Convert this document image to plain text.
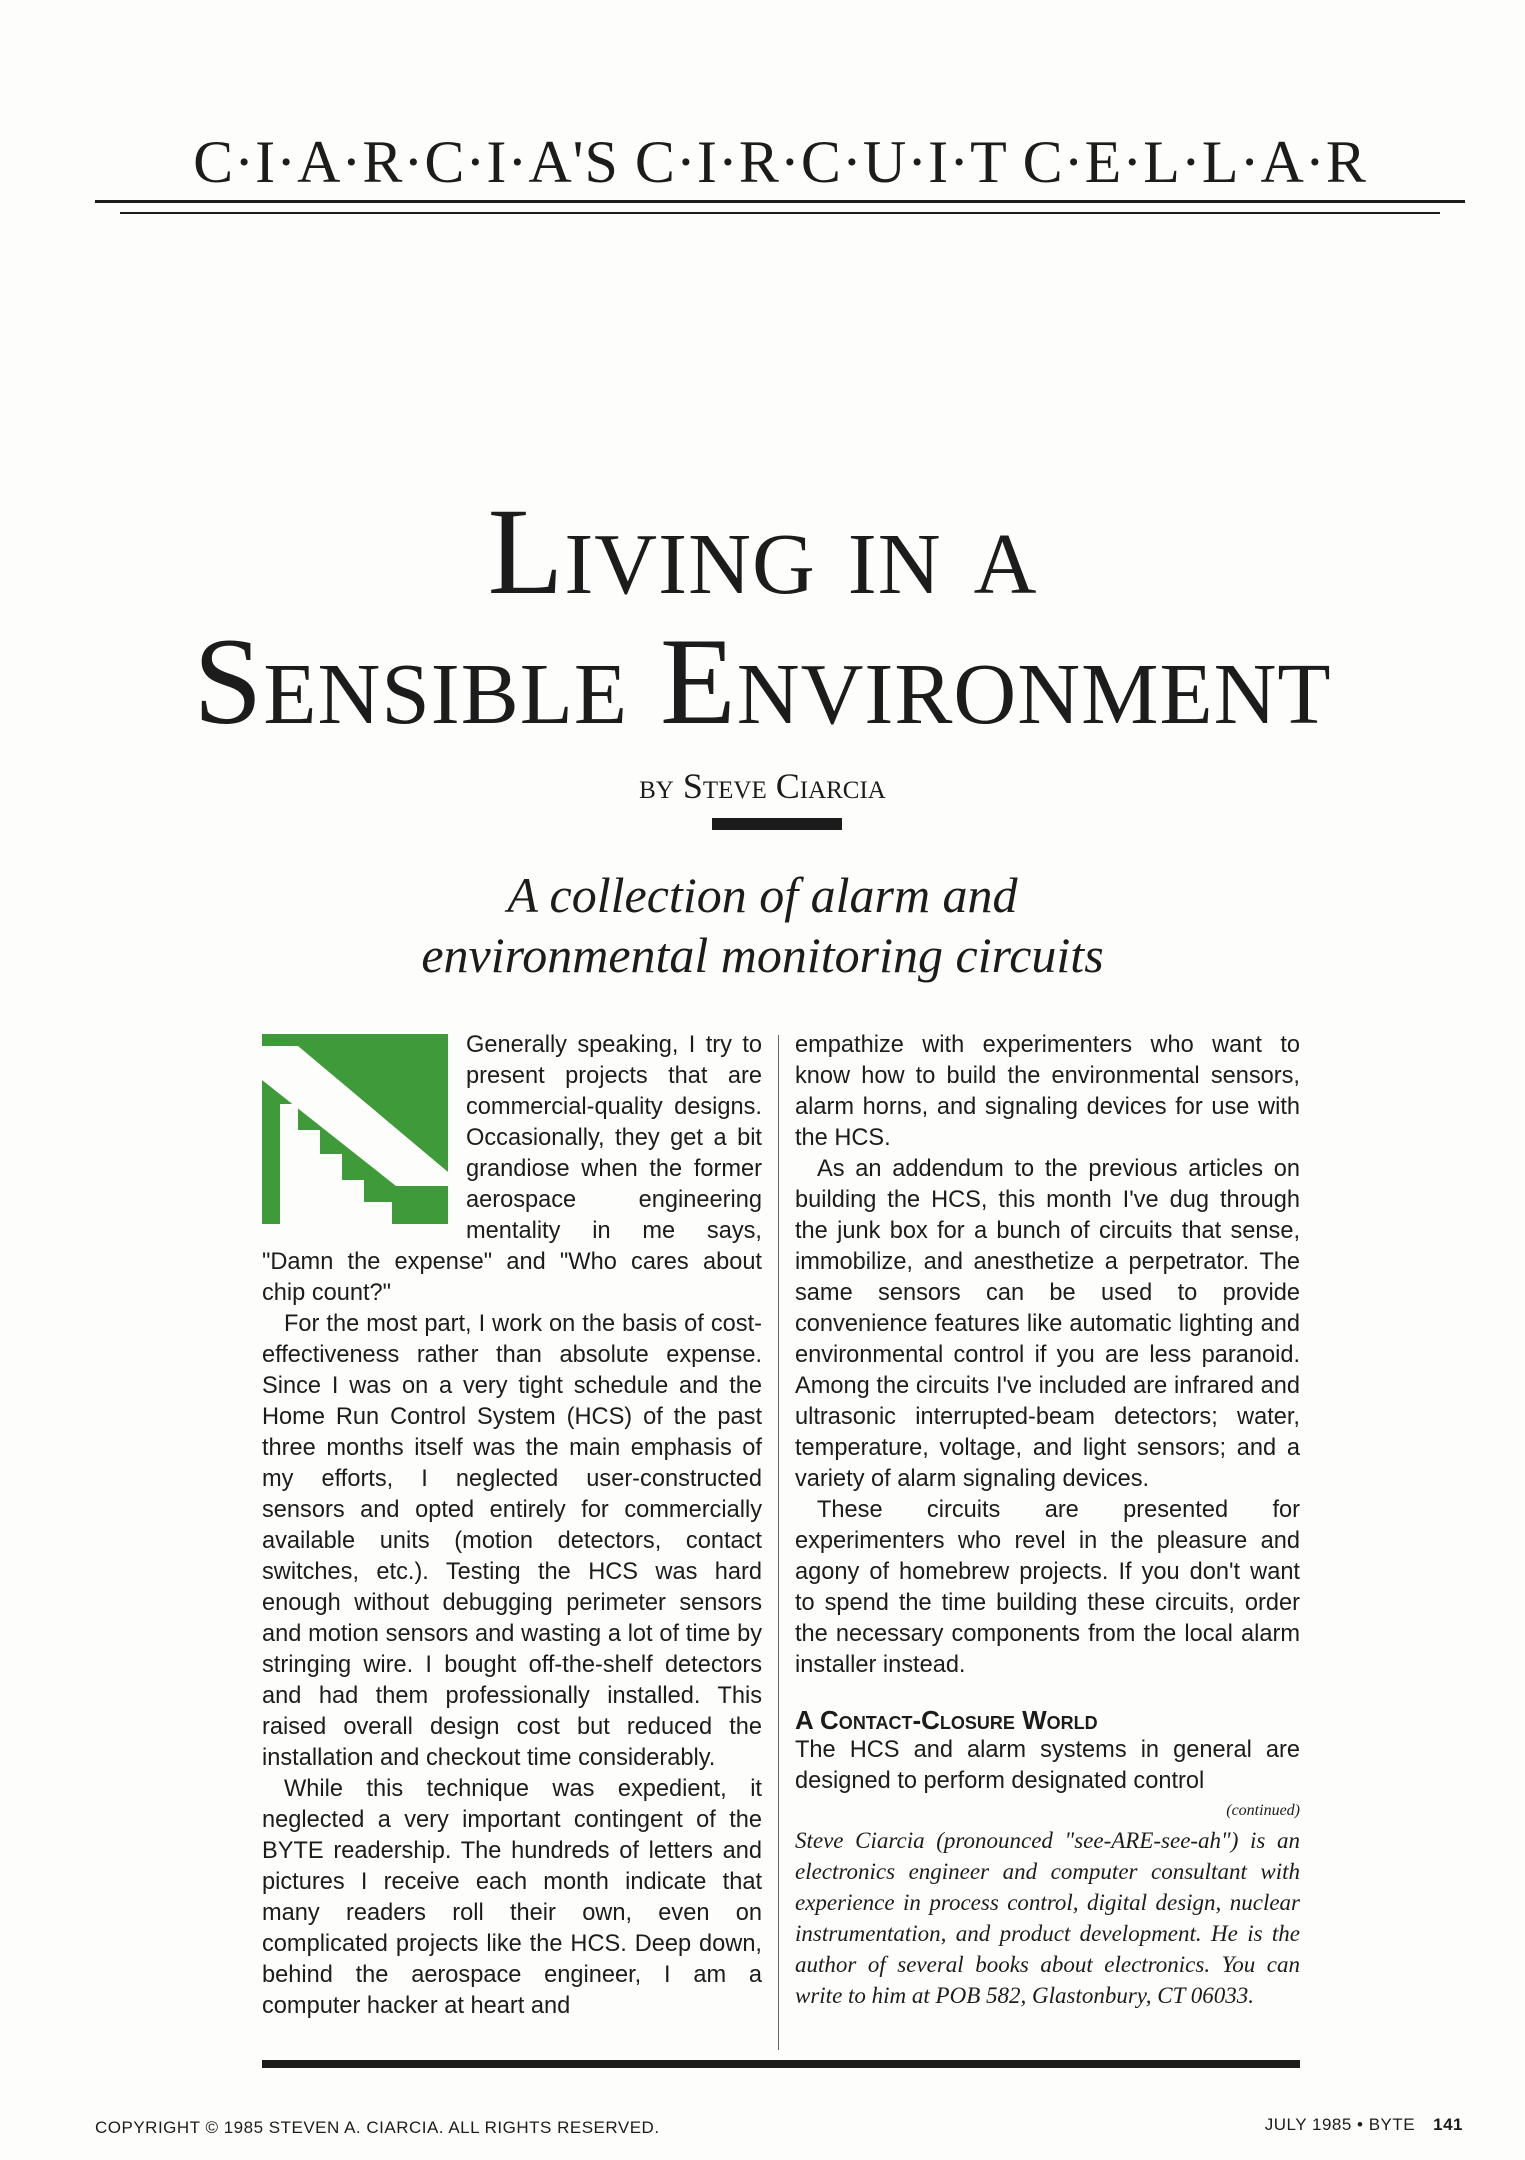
C·I·A·R·C·I·A'S C·I·R·C·U·I·T C·E·L·L·A·R
Living in a
Sensible Environment
by Steve Ciarcia
A collection of alarm and
environmental monitoring circuits

Generally speaking, I try to present projects that are commercial-quality designs. Occasionally, they get a bit grandiose when the former aerospace engineering mentality in me says, "Damn the expense" and "Who cares about chip count?"

For the most part, I work on the basis of cost-effectiveness rather than absolute expense. Since I was on a very tight schedule and the Home Run Control System (HCS) of the past three months itself was the main emphasis of my efforts, I neglected user-constructed sensors and opted entirely for commercially available units (motion detectors, contact switches, etc.). Testing the HCS was hard enough without debugging perimeter sensors and motion sensors and wasting a lot of time by stringing wire. I bought off-the-shelf detectors and had them professionally installed. This raised overall design cost but reduced the installation and checkout time considerably.

While this technique was expedient, it neglected a very important contingent of the BYTE readership. The hundreds of letters and pictures I receive each month indicate that many readers roll their own, even on complicated projects like the HCS. Deep down, behind the aerospace engineer, I am a computer hacker at heart and

empathize with experimenters who want to know how to build the environmental sensors, alarm horns, and signaling devices for use with the HCS.

As an addendum to the previous articles on building the HCS, this month I've dug through the junk box for a bunch of circuits that sense, immobilize, and anesthetize a perpetrator. The same sensors can be used to provide convenience features like automatic lighting and environmental control if you are less paranoid. Among the circuits I've included are infrared and ultrasonic interrupted-beam detectors; water, temperature, voltage, and light sensors; and a variety of alarm signaling devices.

These circuits are presented for experimenters who revel in the pleasure and agony of homebrew projects. If you don't want to spend the time building these circuits, order the necessary components from the local alarm installer instead.

A Contact-Closure World

The HCS and alarm systems in general are designed to perform designated control

(continued)
Steve Ciarcia (pronounced "see-ARE-see-ah") is an electronics engineer and computer consultant with experience in process control, digital design, nuclear instrumentation, and product development. He is the author of several books about electronics. You can write to him at POB 582, Glastonbury, CT 06033.
COPYRIGHT © 1985 STEVEN A. CIARCIA. ALL RIGHTS RESERVED.	JULY 1985 • BYTE 141
